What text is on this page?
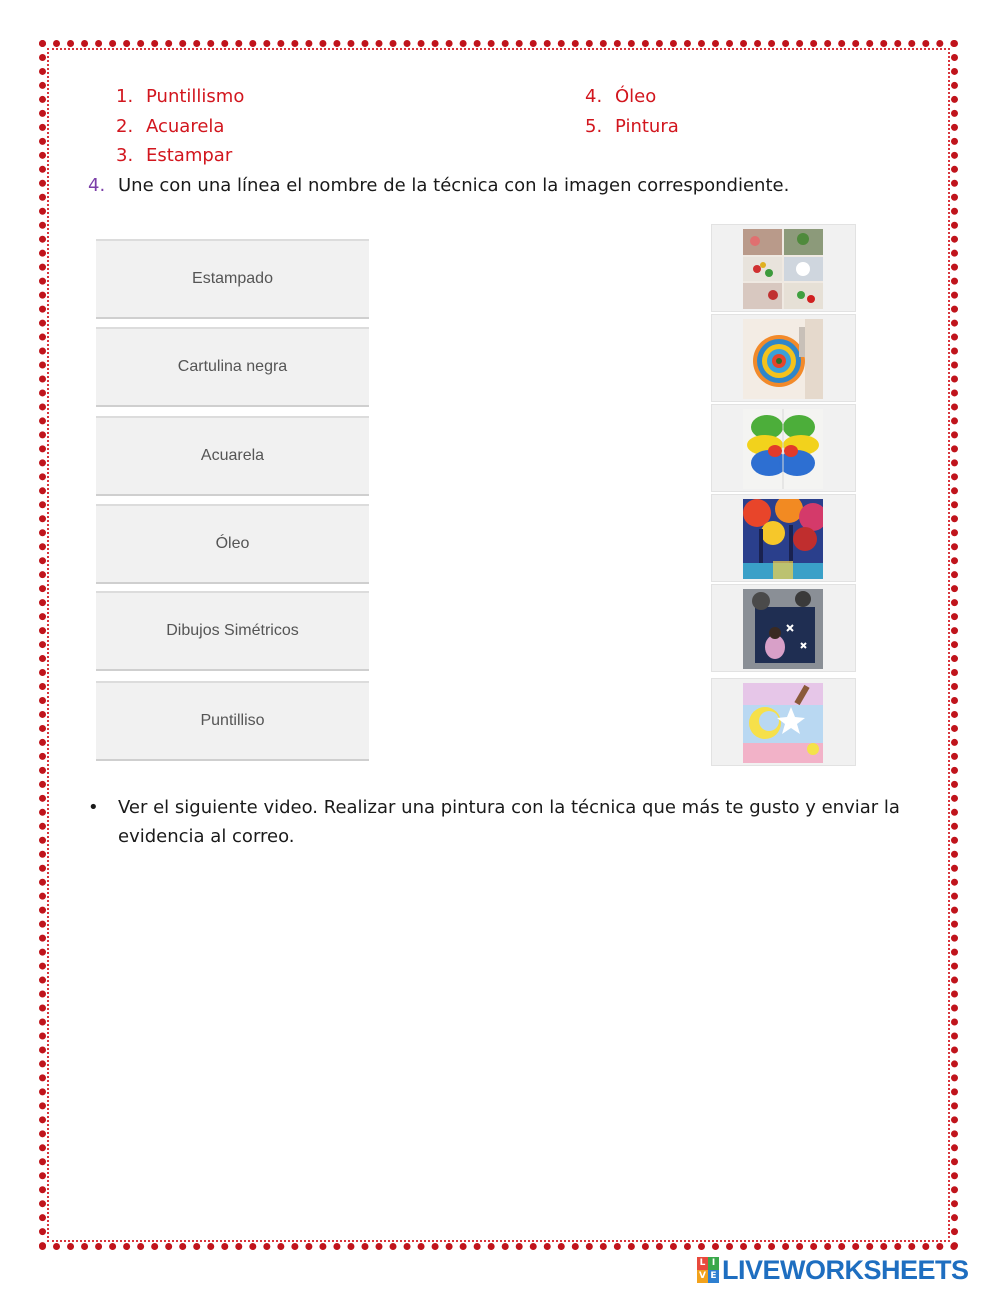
1. Puntillismo
2. Acuarela
3. Estampar
4. Óleo
5. Pintura
4. Une con una línea el nombre de la técnica con la imagen correspondiente.
Estampado
Cartulina negra
Acuarela
Óleo
Dibujos Simétricos
Puntilliso
• Ver el siguiente video. Realizar una pintura con la técnica que más te gusto y enviar la evidencia al correo.
L I
V E LIVEWORKSHEETS
